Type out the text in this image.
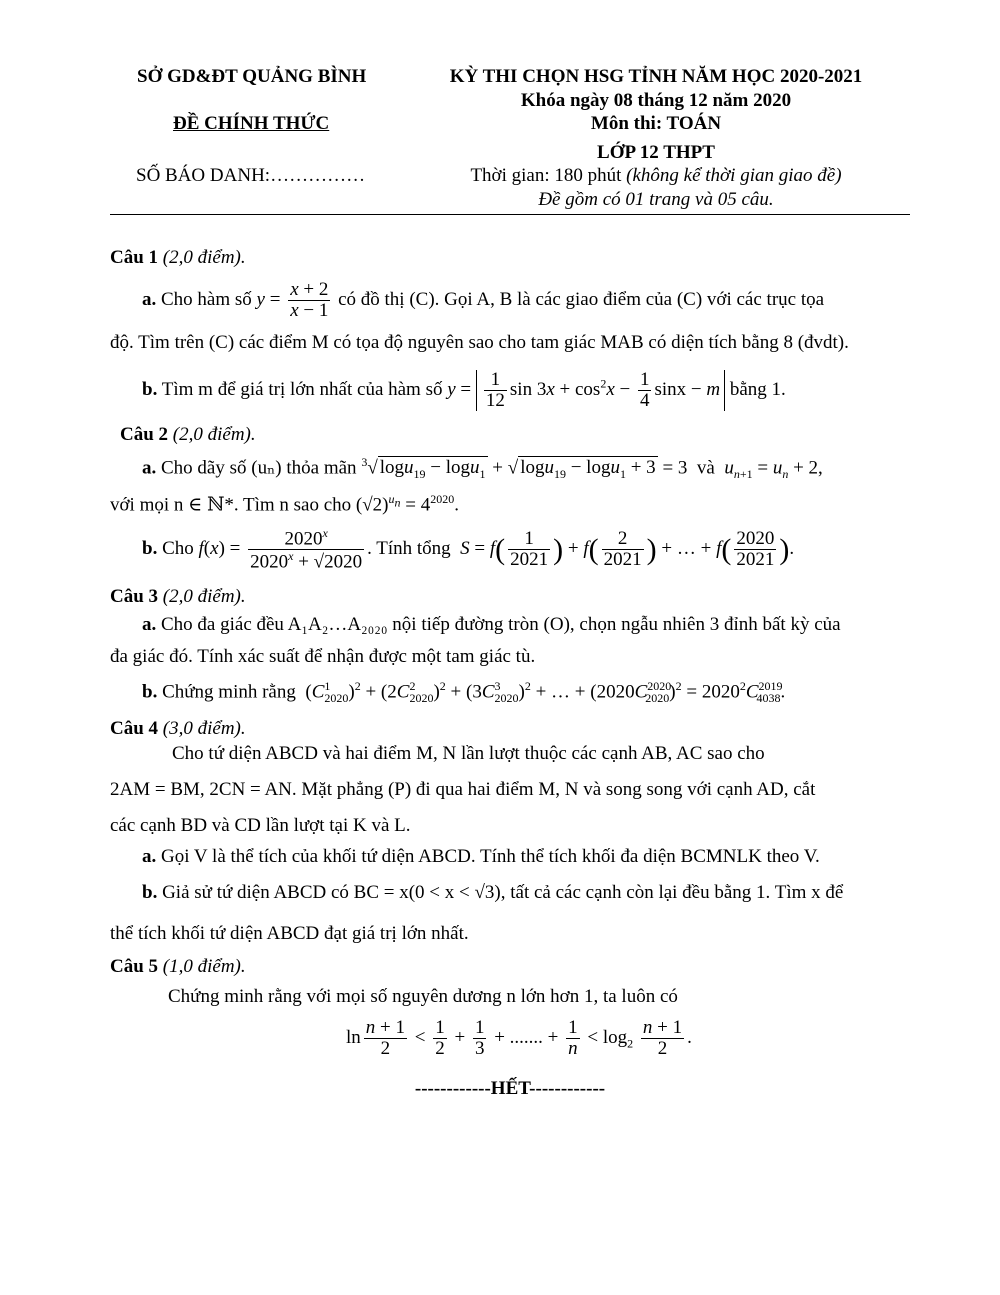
SỞ GD&ĐT QUẢNG BÌNH
ĐỀ CHÍNH THỨC
SỐ BÁO DANH:……………
KỲ THI CHỌN HSG TỈNH NĂM HỌC 2020-2021
Khóa ngày 08 tháng 12 năm 2020
Môn thi: TOÁN
LỚP 12 THPT
Thời gian: 180 phút (không kể thời gian giao đề)
Đề gồm có 01 trang và 05 câu.
Câu 1 (2,0 điểm).
a. Cho hàm số $y = \frac{x + 2}{x - 1}$ có đồ thị (C). Gọi A, B là các giao điểm của (C) với các trục tọa
độ. Tìm trên (C) các điểm M có tọa độ nguyên sao cho tam giác MAB có diện tích bằng 8 (đvdt).
b. Tìm m để giá trị lớn nhất của hàm số $y = \frac{1}{12}$ $\sin 3x + \cos^2x - \frac{1}{4}$ sinx − m bằng 1.
Câu 2 (2,0 điểm).
a. Cho dãy số (uₙ) thỏa mãn $^3$√ logu$_{19}$ − logu$_1$ + √ logu$_{19}$ − logu$_1$ + 3 = 3  và $u_{n+1} = u_n + 2$,
với mọi n ∈ ℕ*. Tìm n sao cho $(√2)^{u_n} = 4^{2020}$.
b. Cho $f(x) = \frac{2020^x}{2020^x + √2020}$ . Tính tổng $S = f( \frac{1}{2021}$ ) + $f( \frac{2}{2021}$ ) + … + $f( \frac{2020}{2021}$ ).
Câu 3 (2,0 điểm).
a. Cho đa giác đều A₁A₂…A₂₀₂₀ nội tiếp đường tròn (O), chọn ngẫu nhiên 3 đỉnh bất kỳ của
đa giác đó. Tính xác suất để nhận được một tam giác tù.
b. Chứng minh rằng  $(C^1_{2020})^2 + (2C^2_{2020})^2 + (3C^3_{2020})^2$ + … + $(2020C^{2020}_{2020})^2 = 2020^2C^{2019}_{4038}$.
Câu 4 (3,0 điểm).
Cho tứ diện ABCD và hai điểm M, N lần lượt thuộc các cạnh AB, AC sao cho
2AM = BM, 2CN = AN. Mặt phẳng (P) đi qua hai điểm M, N và song song với cạnh AD, cắt
các cạnh BD và CD lần lượt tại K và L.
a. Gọi V là thể tích của khối tứ diện ABCD. Tính thể tích khối đa diện BCMNLK theo V.
b. Giả sử tứ diện ABCD có BC = x(0 < x < √3), tất cả các cạnh còn lại đều bằng 1. Tìm x để
thể tích khối tứ diện ABCD đạt giá trị lớn nhất.
Câu 5 (1,0 điểm).
Chứng minh rằng với mọi số nguyên dương n lớn hơn 1, ta luôn có
$\ln \frac{n + 1}{2} < \frac{1}{2} + \frac{1}{3}$ + ....... + $\frac{1}{n} < \log_2 \frac{n + 1}{2}$ .
------------HẾT------------
